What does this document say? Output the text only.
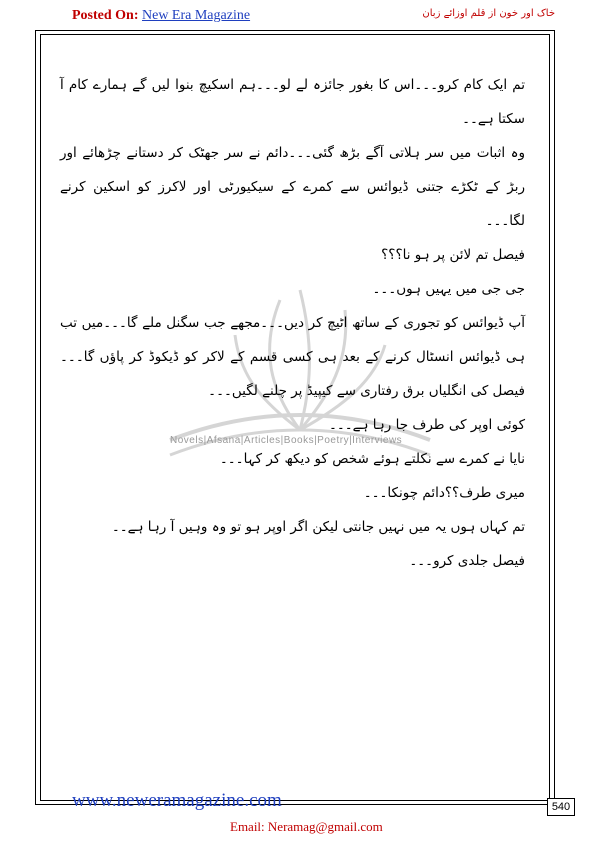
Posted On: New Era Magazine	خاک اور خون از قلم اوزائے زبان
Novels|Afsana|Articles|Books|Poetry|Interviews

تم ایک کام کرو۔۔۔اس کا بغور جائزہ لے لو۔۔۔ہم اسکیچ بنوا لیں گے ہمارے کام آ سکتا ہے۔۔

وہ اثبات میں سر ہلاتی آگے بڑھ گئی۔۔۔دائم نے سر جھٹک کر دستانے چڑھائے اور ربڑ کے ٹکڑے جتنی ڈیوائس سے کمرے کے سیکیورٹی اور لاکرز کو اسکین کرنے لگا۔۔۔

فیصل تم لائن پر ہو نا؟؟؟

جی جی میں یہیں ہوں۔۔۔

آپ ڈیوائس کو تجوری کے ساتھ اٹیچ کر دیں۔۔۔مجھے جب سگنل ملے گا۔۔۔میں تب ہی ڈیوائس انسٹال کرنے کے بعد ہی کسی قسم کے لاکر کو ڈیکوڈ کر پاؤں گا۔۔۔فیصل کی انگلیاں برق رفتاری سے کیپیڈ پر چلنے لگیں۔۔۔

کوئی اوپر کی طرف جا رہا ہے۔۔۔

نایا نے کمرے سے نکلتے ہوئے شخص کو دیکھ کر کہا۔۔۔

میری طرف؟؟دائم چونکا۔۔۔

تم کہاں ہوں یہ میں نہیں جانتی لیکن اگر اوپر ہو تو وہ وہیں آ رہا ہے۔۔

فیصل جلدی کرو۔۔۔

www.neweramagazine.com	540
Email: Neramag@gmail.com
